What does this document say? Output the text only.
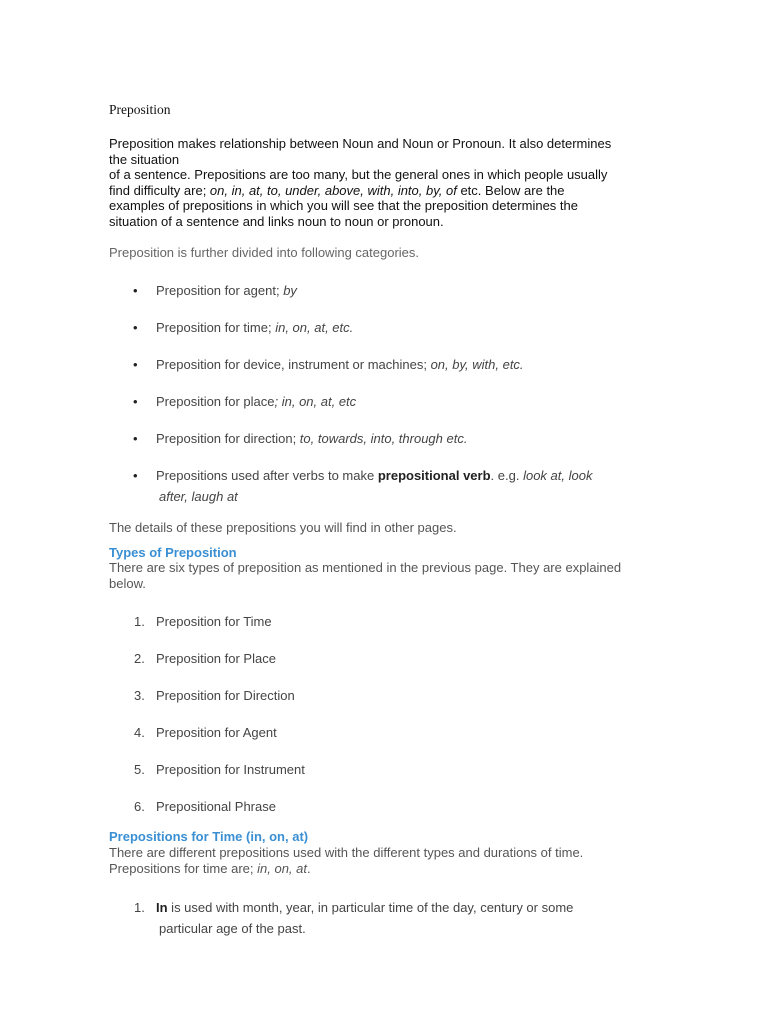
Preposition

Preposition makes relationship between Noun and Noun or Pronoun. It also determines

the situation

of a sentence. Prepositions are too many, but the general ones in which people usually

find difficulty are; on, in, at, to, under, above, with, into, by, of etc. Below are the

examples of prepositions in which you will see that the preposition determines the

situation of a sentence and links noun to noun or pronoun.

Preposition is further divided into following categories.
• Preposition for agent; by
• Preposition for time; in, on, at, etc.
• Preposition for device, instrument or machines; on, by, with, etc.
• Preposition for place; in, on, at, etc
• Preposition for direction; to, towards, into, through etc.
• Prepositions used after verbs to make prepositional verb. e.g. look at, look
after, laugh at
The details of these prepositions you will find in other pages.
Types of Preposition
There are six types of preposition as mentioned in the previous page. They are explained below.
1. Preposition for Time
2. Preposition for Place
3. Preposition for Direction
4. Preposition for Agent
5. Preposition for Instrument
6. Prepositional Phrase
Prepositions for Time (in, on, at)
There are different prepositions used with the different types and durations of time.
Prepositions for time are; in, on, at.
1. In is used with month, year, in particular time of the day, century or some
particular age of the past.
